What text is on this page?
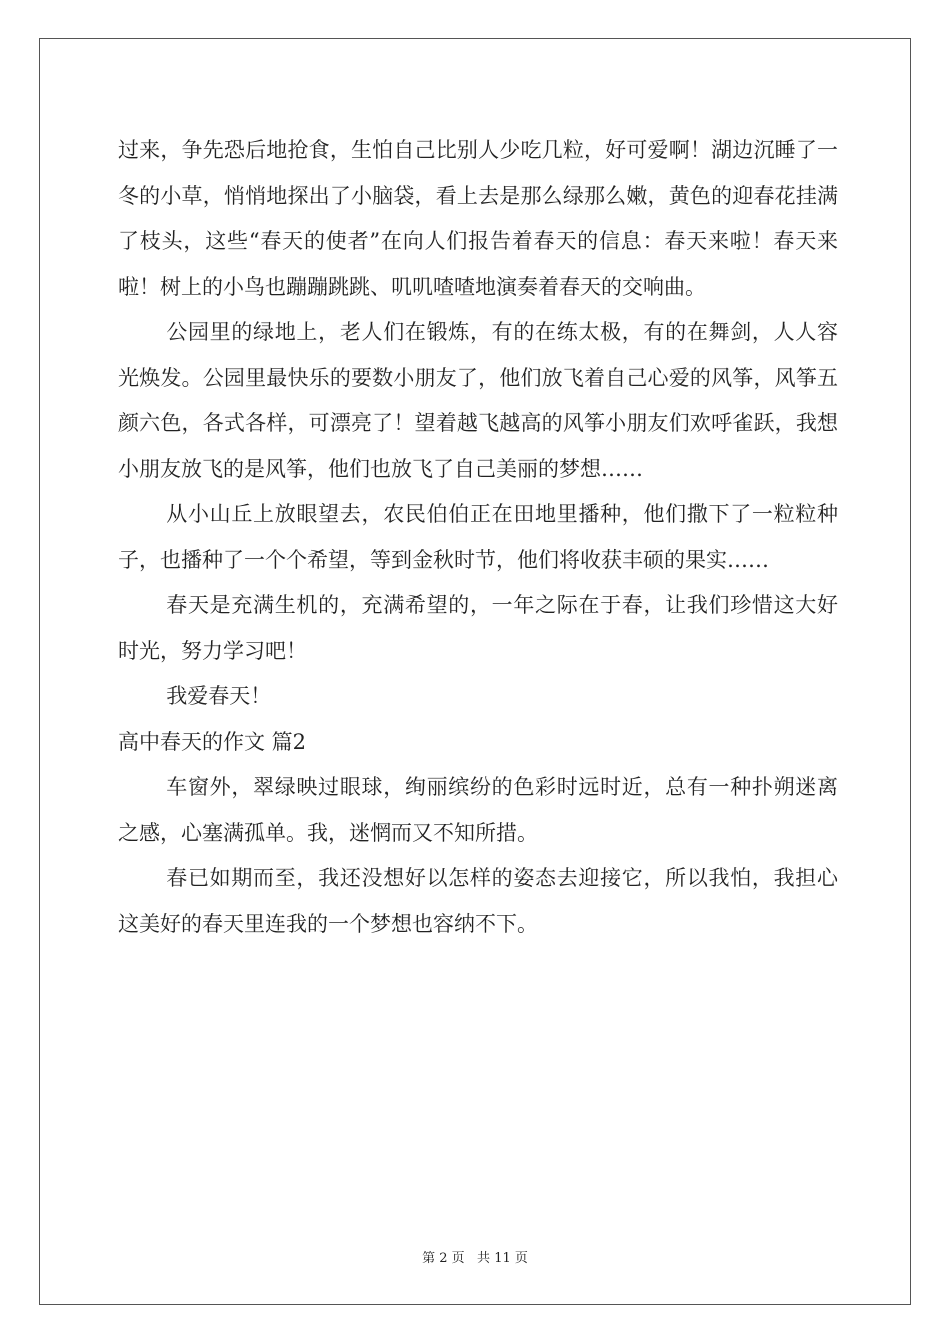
过来，争先恐后地抢食，生怕自己比别人少吃几粒，好可爱啊！湖边沉睡了一冬的小草，悄悄地探出了小脑袋，看上去是那么绿那么嫩，黄色的迎春花挂满了枝头，这些“春天的使者”在向人们报告着春天的信息：春天来啦！春天来啦！树上的小鸟也蹦蹦跳跳、叽叽喳喳地演奏着春天的交响曲。

公园里的绿地上，老人们在锻炼，有的在练太极，有的在舞剑，人人容光焕发。公园里最快乐的要数小朋友了，他们放飞着自己心爱的风筝，风筝五颜六色，各式各样，可漂亮了！望着越飞越高的风筝小朋友们欢呼雀跃，我想小朋友放飞的是风筝，他们也放飞了自己美丽的梦想……

从小山丘上放眼望去，农民伯伯正在田地里播种，他们撒下了一粒粒种子，也播种了一个个希望，等到金秋时节，他们将收获丰硕的果实……

春天是充满生机的，充满希望的，一年之际在于春，让我们珍惜这大好时光，努力学习吧！

我爱春天！

高中春天的作文 篇2

车窗外，翠绿映过眼球，绚丽缤纷的色彩时远时近，总有一种扑朔迷离之感，心塞满孤单。我，迷惘而又不知所措。

春已如期而至，我还没想好以怎样的姿态去迎接它，所以我怕，我担心这美好的春天里连我的一个梦想也容纳不下。

第 2 页   共 11 页
